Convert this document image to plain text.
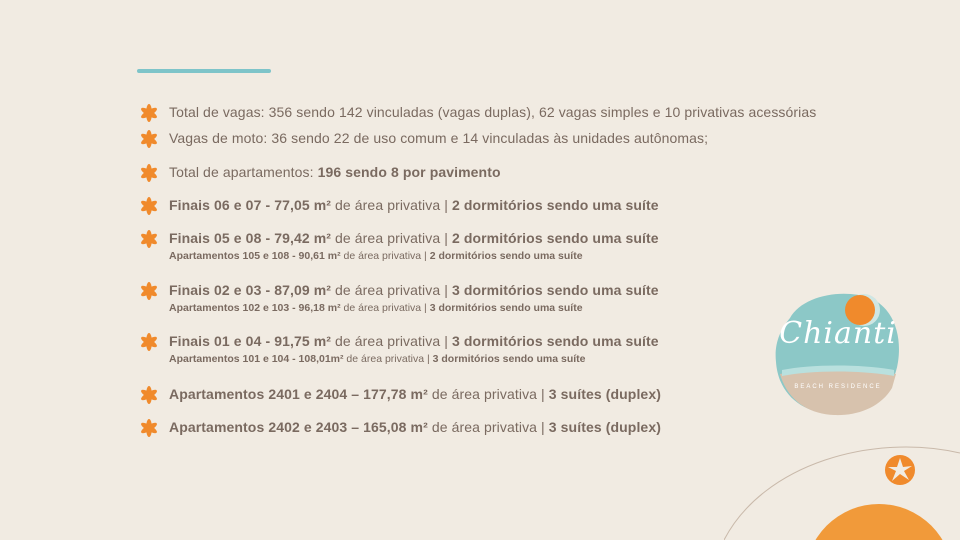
Total de vagas: 356 sendo 142 vinculadas (vagas duplas), 62 vagas simples e 10 privativas acessórias
Vagas de moto: 36 sendo 22 de uso comum e 14 vinculadas às unidades autônomas;
Total de apartamentos: 196 sendo 8 por pavimento
Finais 06 e 07 - 77,05 m² de área privativa | 2 dormitórios sendo uma suíte
Finais 05 e 08 - 79,42 m² de área privativa | 2 dormitórios sendo uma suíte
Apartamentos 105 e 108 - 90,61 m² de área privativa | 2 dormitórios sendo uma suíte
Finais 02 e 03 - 87,09 m² de área privativa | 3 dormitórios sendo uma suíte
Apartamentos 102 e 103 - 96,18 m² de área privativa | 3 dormitórios sendo uma suíte
Finais 01 e 04 - 91,75 m² de área privativa | 3 dormitórios sendo uma suíte
Apartamentos 101 e 104 - 108,01m² de área privativa | 3 dormitórios sendo uma suíte
Apartamentos 2401 e 2404 – 177,78 m² de área privativa | 3 suítes (duplex)
Apartamentos 2402 e 2403 – 165,08 m² de área privativa | 3 suítes (duplex)
Chianti
BEACH RESIDENCE
